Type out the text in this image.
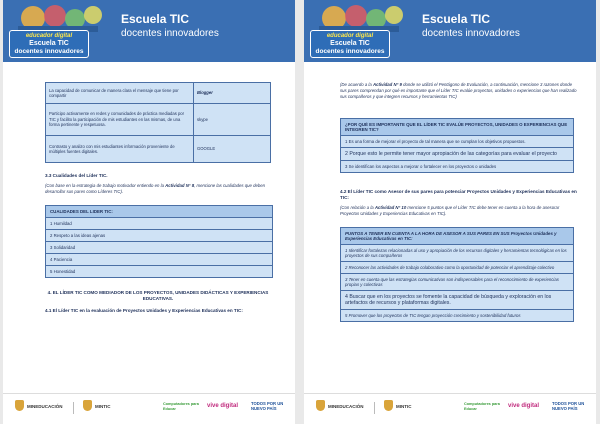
educador digital
Escuela TIC
docentes innovadores
Escuela TIC
docentes innovadores
La capacidad de comunicar de manera clara el mensaje que tiene por compartir	Blogger
Participo activamente en redes y comunidades de práctica mediadas por TIC y facilito la participación de mis estudiantes en las mismas, de una forma pertinente y respetuosa.	skype
Contrasto y analizo con mis estudiantes información proveniente de múltiples fuentes digitales.	GOOGLE
3.3 Cualidades del Líder TIC.
(Con base en la estrategia de trabajo motivador entiendo en la Actividad N° 8, mencione las cualidades que deben desarrollar sus pares como Líderes TIC).
CUALIDADES DEL LIDER TIC:
1 Humildad
2 Respeto a las ideas ajenas
3 Solidaridad
4 Paciencia
5 Honestidad
4. EL LÍDER TIC COMO MEDIADOR DE LOS PROYECTOS, UNIDADES DIDÁCTICAS Y EXPERIENCIAS
EDUCATIVAS.
4.1 El Líder TIC en la evaluación de Proyectos Unidades y Experiencias Educativas en TIC:
MINEDUCACIÓN	MINTIC	Computadores para Educar	vive digital	TODOS POR UN NUEVO PAÍS
educador digital
Escuela TIC
docentes innovadores
Escuela TIC
docentes innovadores
(De acuerdo a la Actividad N° 9 donde se utilizó el Pentágono de Evaluación, a continuación, mencione 3 razones donde sus pares comprendan por qué es importante que el Líder TIC evalúe proyectos, unidades o experiencias que han realizado sus compañeros y que integren recursos y herramientas TIC)
¿POR QUÉ ES IMPORTANTE QUE EL LÍDER TIC EVALÚE PROYECTOS, UNIDADES O EXPERIENCIAS QUE INTEGREN TIC?
1 Es una forma de mejorar el proyecto de tal manera que se cumplan los objetivos propuestos.
2 Porque esto le permite tener mayor apropiación de las categorías para evaluar el proyecto
3 Se identifican los aspectos a mejorar o fortalecer en los proyectos o unidades
4.2 El Líder TIC como Asesor de sus pares para potenciar Proyectos Unidades y Experiencias Educativas en TIC:
(Con relación a la Actividad N° 10 mencione 5 puntos que el Líder TIC debe tener en cuenta a la hora de asesorar Proyectos Unidades y Experiencias Educativas en TIC).
PUNTOS A TENER EN CUENTA A LA HORA DE ASESOR A SUS PARES EN SUS Proyectos Unidades y Experiencias Educativas en TIC:
1 Identificar fortalezas relacionadas al uso y apropiación de los recursos digitales y herramientas tecnológicas en los proyectos de sus compañeros
2 Reconocer las actividades de trabajo colaborativo como la oportunidad de potenciar el aprendizaje colectivo
3 Tener en cuenta que las estrategias comunicativas son indispensables para el reconocimiento de experiencias propias y colectivas
4 Buscar que en los proyectos se fomente la capacidad de búsqueda y exploración en los artefactos de recursos y plataformas digitales.
5 Promover que los proyectos de TIC tengan proyección crecimiento y sostenibilidad futuros
MINEDUCACIÓN	MINTIC	Computadores para Educar	vive digital	TODOS POR UN NUEVO PAÍS
